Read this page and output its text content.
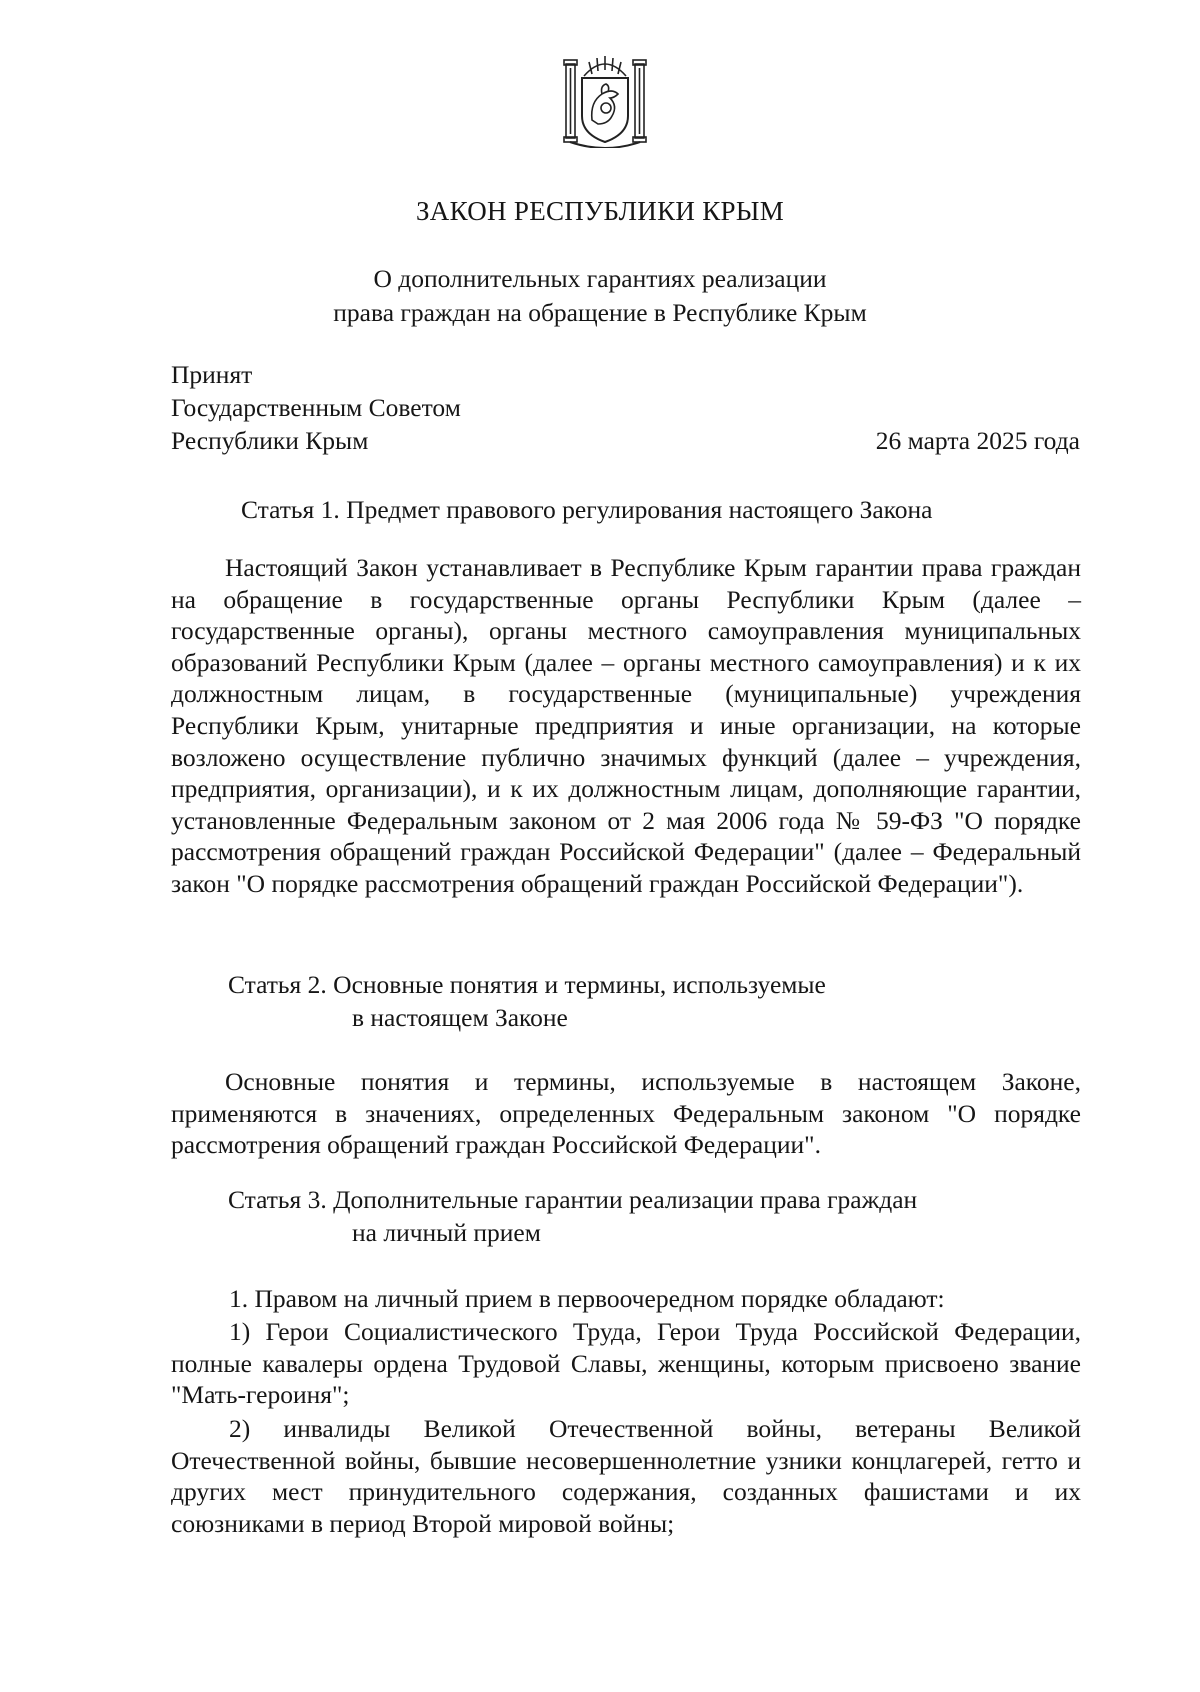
ЗАКОН РЕСПУБЛИКИ КРЫМ
О дополнительных гарантиях реализации
права граждан на обращение в Республике Крым
Принят
Государственным Советом
Республики Крым	26 марта 2025 года
Статья 1. Предмет правового регулирования настоящего Закона
Настоящий Закон устанавливает в Республике Крым гарантии права граждан на обращение в государственные органы Республики Крым (далее – государственные органы), органы местного самоуправления муниципальных образований Республики Крым (далее – органы местного самоуправления) и к их должностным лицам, в государственные (муниципальные) учреждения Республики Крым, унитарные предприятия и иные организации, на которые возложено осуществление публично значимых функций (далее – учреждения, предприятия, организации), и к их должностным лицам, дополняющие гарантии, установленные Федеральным законом от 2 мая 2006 года № 59-ФЗ "О порядке рассмотрения обращений граждан Российской Федерации" (далее – Федеральный закон "О порядке рассмотрения обращений граждан Российской Федерации").
Статья 2. Основные понятия и термины, используемые
в настоящем Законе
Основные понятия и термины, используемые в настоящем Законе, применяются в значениях, определенных Федеральным законом "О порядке рассмотрения обращений граждан Российской Федерации".
Статья 3. Дополнительные гарантии реализации права граждан
на личный прием
1. Правом на личный прием в первоочередном порядке обладают:
1) Герои Социалистического Труда, Герои Труда Российской Федерации, полные кавалеры ордена Трудовой Славы, женщины, которым присвоено звание "Мать-героиня";
2) инвалиды Великой Отечественной войны, ветераны Великой Отечественной войны, бывшие несовершеннолетние узники концлагерей, гетто и других мест принудительного содержания, созданных фашистами и их союзниками в период Второй мировой войны;
